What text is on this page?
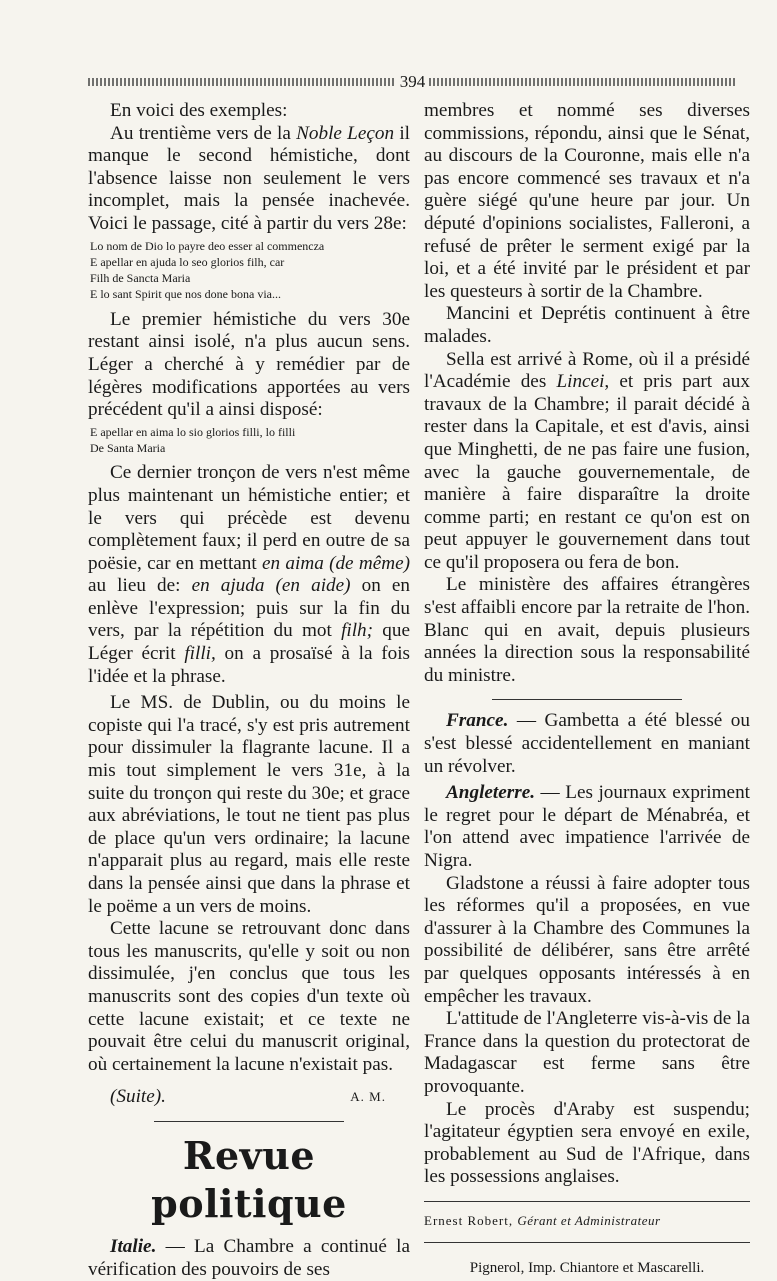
394

En voici des exemples:

Au trentième vers de la Noble Leçon il manque le second hémistiche, dont l'absence laisse non seulement le vers incomplet, mais la pensée inachevée. Voici le passage, cité à partir du vers 28e:

Lo nom de Dio lo payre deo esser al commencza
E apellar en ajuda lo seo glorios filh, car
Filh de Sancta Maria
E lo sant Spirit que nos done bona via...

Le premier hémistiche du vers 30e restant ainsi isolé, n'a plus aucun sens. Léger a cherché à y remédier par de légères modifications apportées au vers précédent qu'il a ainsi disposé:

E apellar en aima lo sio glorios filli, lo filli
De Santa Maria

Ce dernier tronçon de vers n'est même plus maintenant un hémistiche entier; et le vers qui précède est devenu complètement faux; il perd en outre de sa poësie, car en mettant en aima (de même) au lieu de: en ajuda (en aide) on en enlève l'expression; puis sur la fin du vers, par la répétition du mot filh; que Léger écrit filli, on a prosaïsé à la fois l'idée et la phrase.

Le MS. de Dublin, ou du moins le copiste qui l'a tracé, s'y est pris autrement pour dissimuler la flagrante lacune. Il a mis tout simplement le vers 31e, à la suite du tronçon qui reste du 30e; et grace aux abréviations, le tout ne tient pas plus de place qu'un vers ordinaire; la lacune n'apparait plus au regard, mais elle reste dans la pensée ainsi que dans la phrase et le poëme a un vers de moins.

Cette lacune se retrouvant donc dans tous les manuscrits, qu'elle y soit ou non dissimulée, j'en conclus que tous les manuscrits sont des copies d'un texte où cette lacune existait; et ce texte ne pouvait être celui du manuscrit original, où certainement la lacune n'existait pas.

(Suite).	A. M.
Revue politique

Italie. — La Chambre a continué la vérification des pouvoirs de ses

membres et nommé ses diverses commissions, répondu, ainsi que le Sénat, au discours de la Couronne, mais elle n'a pas encore commencé ses travaux et n'a guère siégé qu'une heure par jour. Un député d'opinions socialistes, Falleroni, a refusé de prêter le serment exigé par la loi, et a été invité par le président et par les questeurs à sortir de la Chambre.

Mancini et Deprétis continuent à être malades.

Sella est arrivé à Rome, où il a présidé l'Académie des Lincei, et pris part aux travaux de la Chambre; il parait décidé à rester dans la Capitale, et est d'avis, ainsi que Minghetti, de ne pas faire une fusion, avec la gauche gouvernementale, de manière à faire disparaître la droite comme parti; en restant ce qu'on est on peut appuyer le gouvernement dans tout ce qu'il proposera ou fera de bon.

Le ministère des affaires étrangères s'est affaibli encore par la retraite de l'hon. Blanc qui en avait, depuis plusieurs années la direction sous la responsabilité du ministre.

France. — Gambetta a été blessé ou s'est blessé accidentellement en maniant un révolver.

Angleterre. — Les journaux expriment le regret pour le départ de Ménabréa, et l'on attend avec impatience l'arrivée de Nigra.

Gladstone a réussi à faire adopter tous les réformes qu'il a proposées, en vue d'assurer à la Chambre des Communes la possibilité de délibérer, sans être arrêté par quelques opposants intéressés à en empêcher les travaux.

L'attitude de l'Angleterre vis-à-vis de la France dans la question du protectorat de Madagascar est ferme sans être provoquante.

Le procès d'Araby est suspendu; l'agitateur égyptien sera envoyé en exile, probablement au Sud de l'Afrique, dans les possessions anglaises.

Ernest Robert, Gérant et Administrateur
Pignerol, Imp. Chiantore et Mascarelli.
